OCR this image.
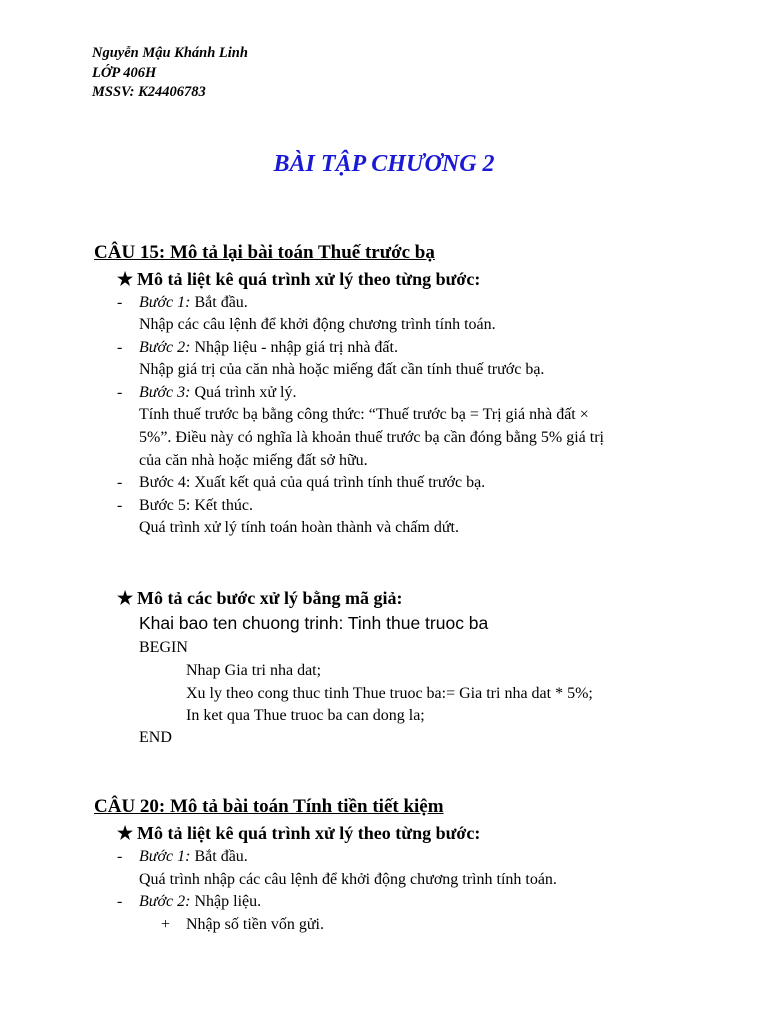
Nguyễn Mậu Khánh Linh
LỚP 406H
MSSV: K24406783
BÀI TẬP CHƯƠNG 2
CÂU 15: Mô tả lại bài toán Thuế trước bạ
★ Mô tả liệt kê quá trình xử lý theo từng bước:
- Bước 1: Bắt đầu.
Nhập các câu lệnh để khởi động chương trình tính toán.
- Bước 2: Nhập liệu - nhập giá trị nhà đất.
Nhập giá trị của căn nhà hoặc miếng đất cần tính thuế trước bạ.
- Bước 3: Quá trình xử lý.
Tính thuế trước bạ bằng công thức: “Thuế trước bạ = Trị giá nhà đất ×
5%”. Điều này có nghĩa là khoản thuế trước bạ cần đóng bằng 5% giá trị
của căn nhà hoặc miếng đất sở hữu.
- Bước 4: Xuất kết quả của quá trình tính thuế trước bạ.
- Bước 5: Kết thúc.
Quá trình xử lý tính toán hoàn thành và chấm dứt.
★ Mô tả các bước xử lý bằng mã giả:
Khai bao ten chuong trinh: Tinh thue truoc ba
BEGIN
Nhap Gia tri nha dat;
Xu ly theo cong thuc tinh Thue truoc ba:= Gia tri nha dat * 5%;
In ket qua Thue truoc ba can dong la;
END
CÂU 20: Mô tả bài toán Tính tiền tiết kiệm
★ Mô tả liệt kê quá trình xử lý theo từng bước:
- Bước 1: Bắt đầu.
Quá trình nhập các câu lệnh để khởi động chương trình tính toán.
- Bước 2: Nhập liệu.
+ Nhập số tiền vốn gửi.
